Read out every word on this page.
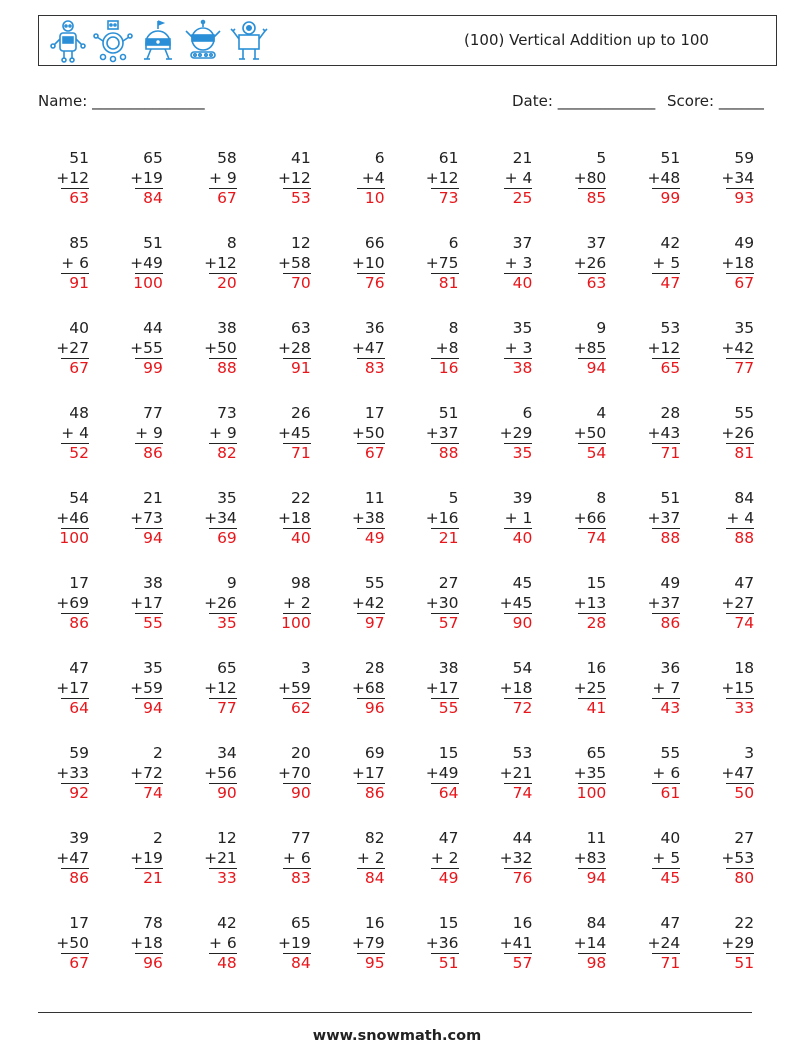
(100) Vertical Addition up to 100
Name: _______________	Date: _____________ Score: ______
51
+12
63
65
+19
84
58
+ 9
67
41
+12
53
6
+4
10
61
+12
73
21
+ 4
25
5
+80
85
51
+48
99
59
+34
93
85
+ 6
91
51
+49
100
8
+12
20
12
+58
70
66
+10
76
6
+75
81
37
+ 3
40
37
+26
63
42
+ 5
47
49
+18
67
40
+27
67
44
+55
99
38
+50
88
63
+28
91
36
+47
83
8
+8
16
35
+ 3
38
9
+85
94
53
+12
65
35
+42
77
48
+ 4
52
77
+ 9
86
73
+ 9
82
26
+45
71
17
+50
67
51
+37
88
6
+29
35
4
+50
54
28
+43
71
55
+26
81
54
+46
100
21
+73
94
35
+34
69
22
+18
40
11
+38
49
5
+16
21
39
+ 1
40
8
+66
74
51
+37
88
84
+ 4
88
17
+69
86
38
+17
55
9
+26
35
98
+ 2
100
55
+42
97
27
+30
57
45
+45
90
15
+13
28
49
+37
86
47
+27
74
47
+17
64
35
+59
94
65
+12
77
3
+59
62
28
+68
96
38
+17
55
54
+18
72
16
+25
41
36
+ 7
43
18
+15
33
59
+33
92
2
+72
74
34
+56
90
20
+70
90
69
+17
86
15
+49
64
53
+21
74
65
+35
100
55
+ 6
61
3
+47
50
39
+47
86
2
+19
21
12
+21
33
77
+ 6
83
82
+ 2
84
47
+ 2
49
44
+32
76
11
+83
94
40
+ 5
45
27
+53
80
17
+50
67
78
+18
96
42
+ 6
48
65
+19
84
16
+79
95
15
+36
51
16
+41
57
84
+14
98
47
+24
71
22
+29
51
www.snowmath.com
